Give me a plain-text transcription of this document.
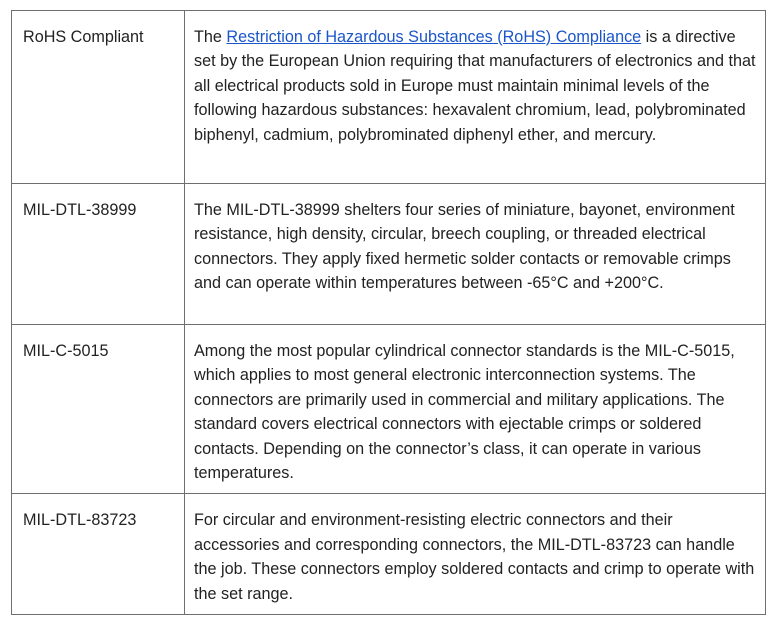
RoHS Compliant	The Restriction of Hazardous Substances (RoHS) Compliance is a directive set by the European Union requiring that manufacturers of electronics and that all electrical products sold in Europe must maintain minimal levels of the following hazardous substances: hexavalent chromium, lead, polybrominated biphenyl, cadmium, polybrominated diphenyl ether, and mercury.
MIL-DTL-38999	The MIL-DTL-38999 shelters four series of miniature, bayonet, environment resistance, high density, circular, breech coupling, or threaded electrical connectors. They apply fixed hermetic solder contacts or removable crimps and can operate within temperatures between -65°C and +200°C.
MIL-C-5015	Among the most popular cylindrical connector standards is the MIL-C-5015, which applies to most general electronic interconnection systems. The connectors are primarily used in commercial and military applications. The standard covers electrical connectors with ejectable crimps or soldered contacts. Depending on the connector’s class, it can operate in various temperatures.
MIL-DTL-83723	For circular and environment-resisting electric connectors and their accessories and corresponding connectors, the MIL-DTL-83723 can handle the job. These connectors employ soldered contacts and crimp to operate with the set range.
